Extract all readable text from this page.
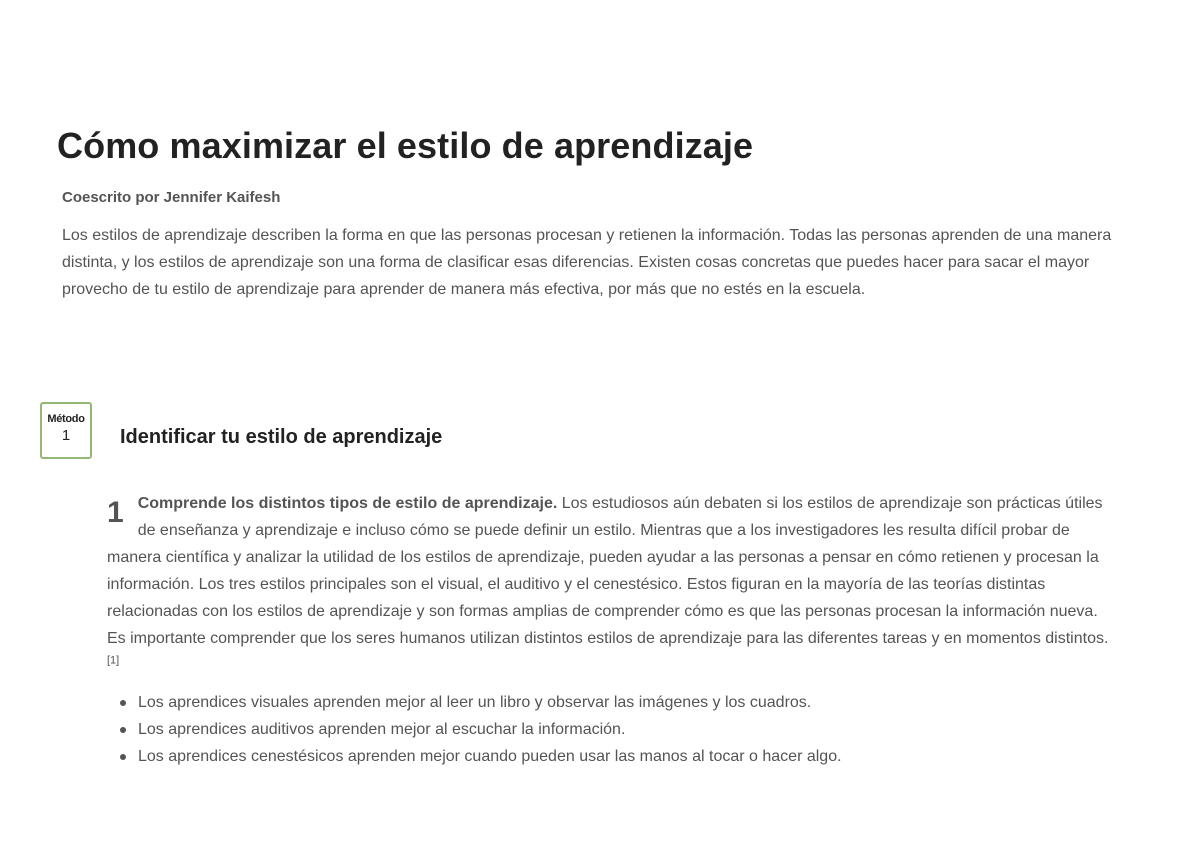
Cómo maximizar el estilo de aprendizaje
Coescrito por Jennifer Kaifesh

Los estilos de aprendizaje describen la forma en que las personas procesan y retienen la información. Todas las personas aprenden de una manera distinta, y los estilos de aprendizaje son una forma de clasificar esas diferencias. Existen cosas concretas que puedes hacer para sacar el mayor provecho de tu estilo de aprendizaje para aprender de manera más efectiva, por más que no estés en la escuela.

Método
1	Identificar tu estilo de aprendizaje
1 Comprende los distintos tipos de estilo de aprendizaje. Los estudiosos aún debaten si los estilos de aprendizaje son prácticas útiles de enseñanza y aprendizaje e incluso cómo se puede definir un estilo. Mientras que a los investigadores les resulta difícil probar de manera científica y analizar la utilidad de los estilos de aprendizaje, pueden ayudar a las personas a pensar en cómo retienen y procesan la información. Los tres estilos principales son el visual, el auditivo y el cenestésico. Estos figuran en la mayoría de las teorías distintas relacionadas con los estilos de aprendizaje y son formas amplias de comprender cómo es que las personas procesan la información nueva. Es importante comprender que los seres humanos utilizan distintos estilos de aprendizaje para las diferentes tareas y en momentos distintos.[1]

Los aprendices visuales aprenden mejor al leer un libro y observar las imágenes y los cuadros.
Los aprendices auditivos aprenden mejor al escuchar la información.
Los aprendices cenestésicos aprenden mejor cuando pueden usar las manos al tocar o hacer algo.
